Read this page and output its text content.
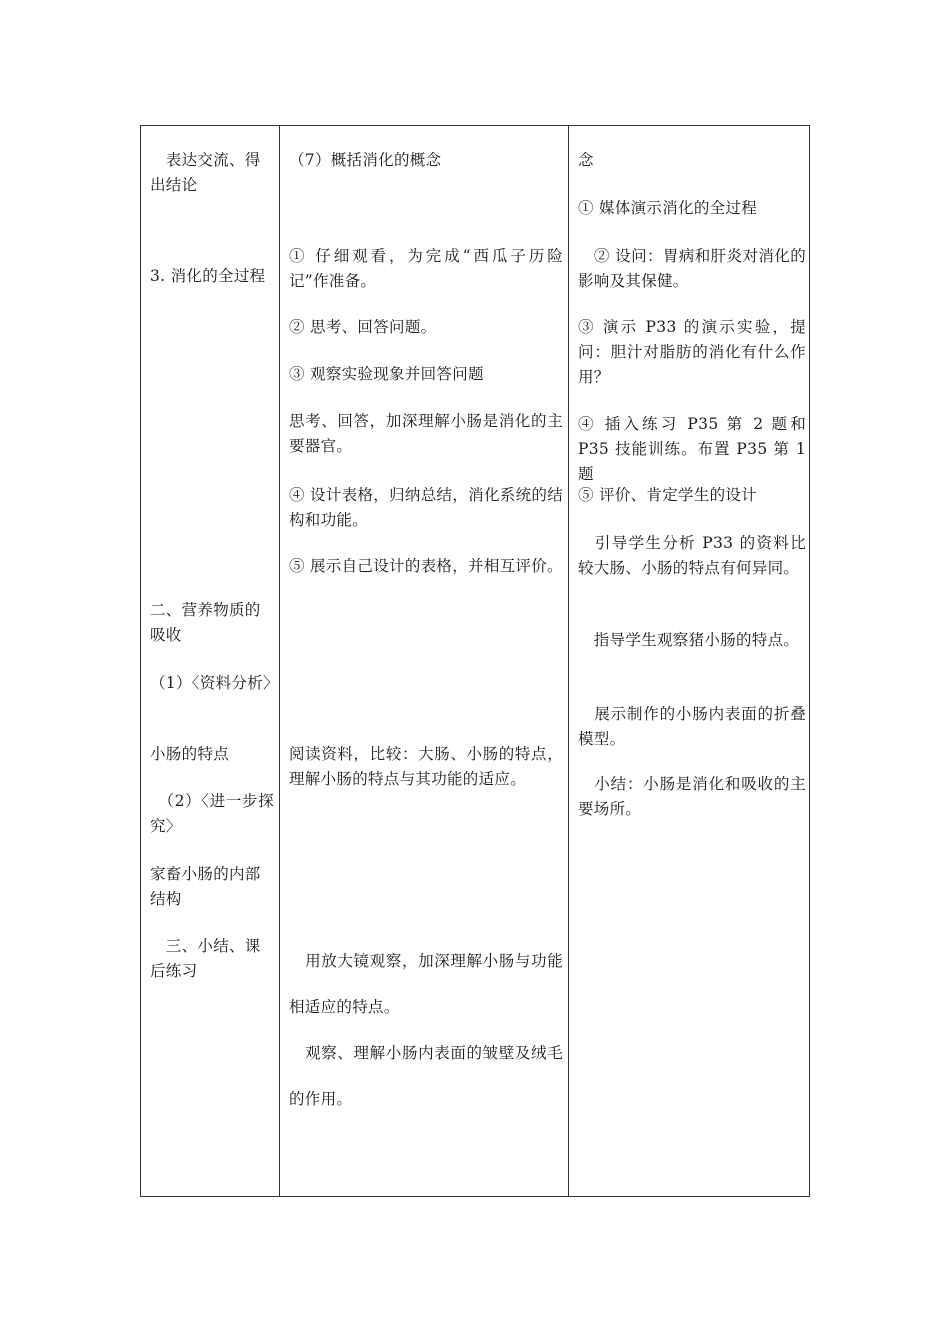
　表达交流、得出结论

3. 消化的全过程

二、营养物质的吸收

（1）〈资料分析〉

小肠的特点

　（2）〈进一步探究〉

家畜小肠的内部结构

　三、小结、课后练习

（7）概括消化的概念

① 仔细观看，为完成“西瓜子历险记”作准备。

② 思考、回答问题。

③ 观察实验现象并回答问题

思考、回答，加深理解小肠是消化的主要器官。

④ 设计表格，归纳总结，消化系统的结构和功能。

⑤ 展示自己设计的表格，并相互评价。

阅读资料，比较：大肠、小肠的特点，理解小肠的特点与其功能的适应。

　用放大镜观察，加深理解小肠与功能相适应的特点。

　观察、理解小肠内表面的皱壁及绒毛的作用。

念

① 媒体演示消化的全过程

　② 设问：胃病和肝炎对消化的影响及其保健。

③ 演示 P33 的演示实验，提问：胆汁对脂肪的消化有什么作用？

④ 插入练习 P35 第 2 题和 P35 技能训练。布置 P35 第 1 题

⑤ 评价、肯定学生的设计

　引导学生分析 P33 的资料比较大肠、小肠的特点有何异同。

　指导学生观察猪小肠的特点。

　展示制作的小肠内表面的折叠模型。

　小结：小肠是消化和吸收的主要场所。
